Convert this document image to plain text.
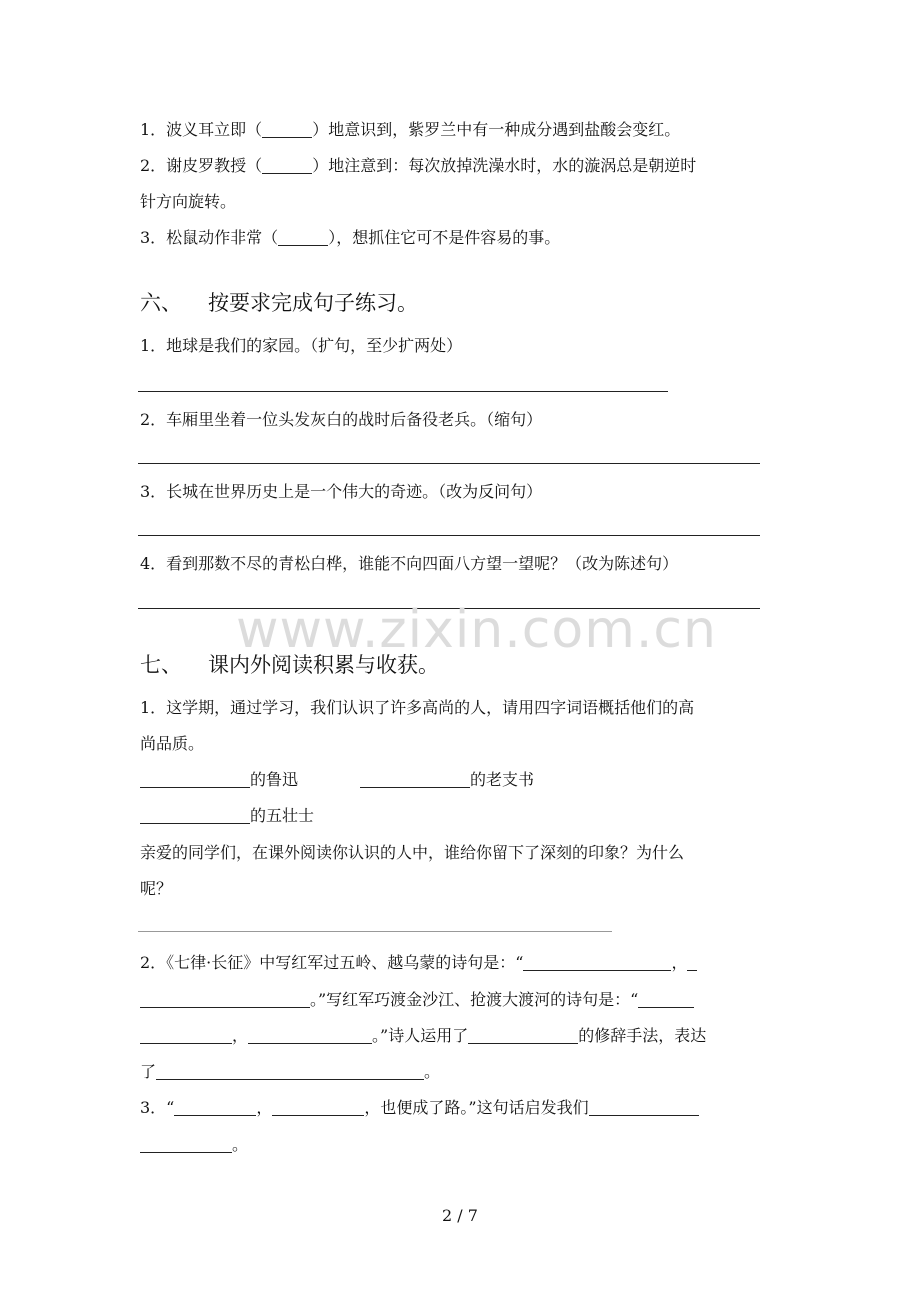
1．波义耳立即（	）地意识到，紫罗兰中有一种成分遇到盐酸会变红。
2．谢皮罗教授（	）地注意到：每次放掉洗澡水时，水的漩涡总是朝逆时
针方向旋转。
3．松鼠动作非常（	），想抓住它可不是件容易的事。
六、 按要求完成句子练习。
1．地球是我们的家园。（扩句，至少扩两处）
2．车厢里坐着一位头发灰白的战时后备役老兵。（缩句）
3．长城在世界历史上是一个伟大的奇迹。（改为反问句）
4．看到那数不尽的青松白桦，谁能不向四面八方望一望呢？（改为陈述句）
www.zixin.com.cn
七、 课内外阅读积累与收获。
1．这学期，通过学习，我们认识了许多高尚的人，请用四字词语概括他们的高
尚品质。
的鲁迅	的老支书
的五壮士
亲爱的同学们，在课外阅读你认识的人中，谁给你留下了深刻的印象？为什么
呢？
2．《七律·长征》中写红军过五岭、越乌蒙的诗句是：“	，
。”写红军巧渡金沙江、抢渡大渡河的诗句是：“
，	。”诗人运用了	的修辞手法，表达
了	。
3．“	，	，也便成了路。”这句话启发我们
。
2 / 7
